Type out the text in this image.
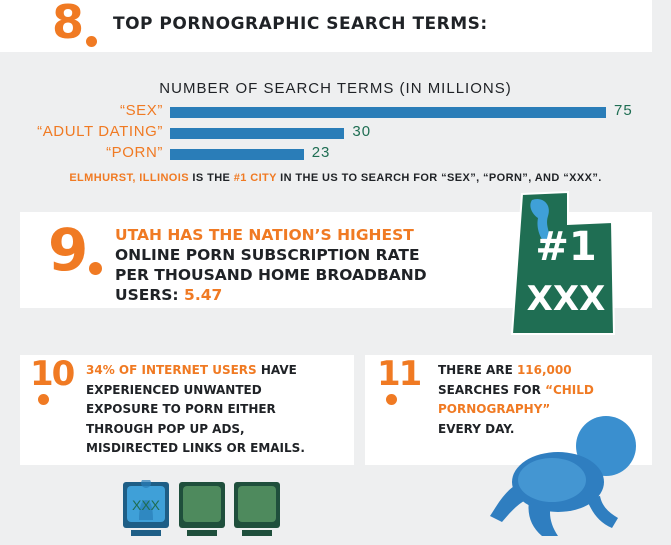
8 TOP PORNOGRAPHIC SEARCH TERMS:
NUMBER OF SEARCH TERMS (IN MILLIONS)
“SEX”	75
“ADULT DATING”	30
“PORN”	23
ELMHURST, ILLINOIS IS THE #1 CITY IN THE US TO SEARCH FOR “SEX”, “PORN”, AND “XXX”.
9 UTAH HAS THE NATION’S HIGHEST
ONLINE PORN SUBSCRIPTION RATE
PER THOUSAND HOME BROADBAND
USERS: 5.47
#1
XXX
10 34% OF INTERNET USERS HAVE
EXPERIENCED UNWANTED
EXPOSURE TO PORN EITHER
THROUGH POP UP ADS,
MISDIRECTED LINKS OR EMAILS.
11 THERE ARE 116,000
SEARCHES FOR “CHILD
PORNOGRAPHY”
EVERY DAY.
XXX
